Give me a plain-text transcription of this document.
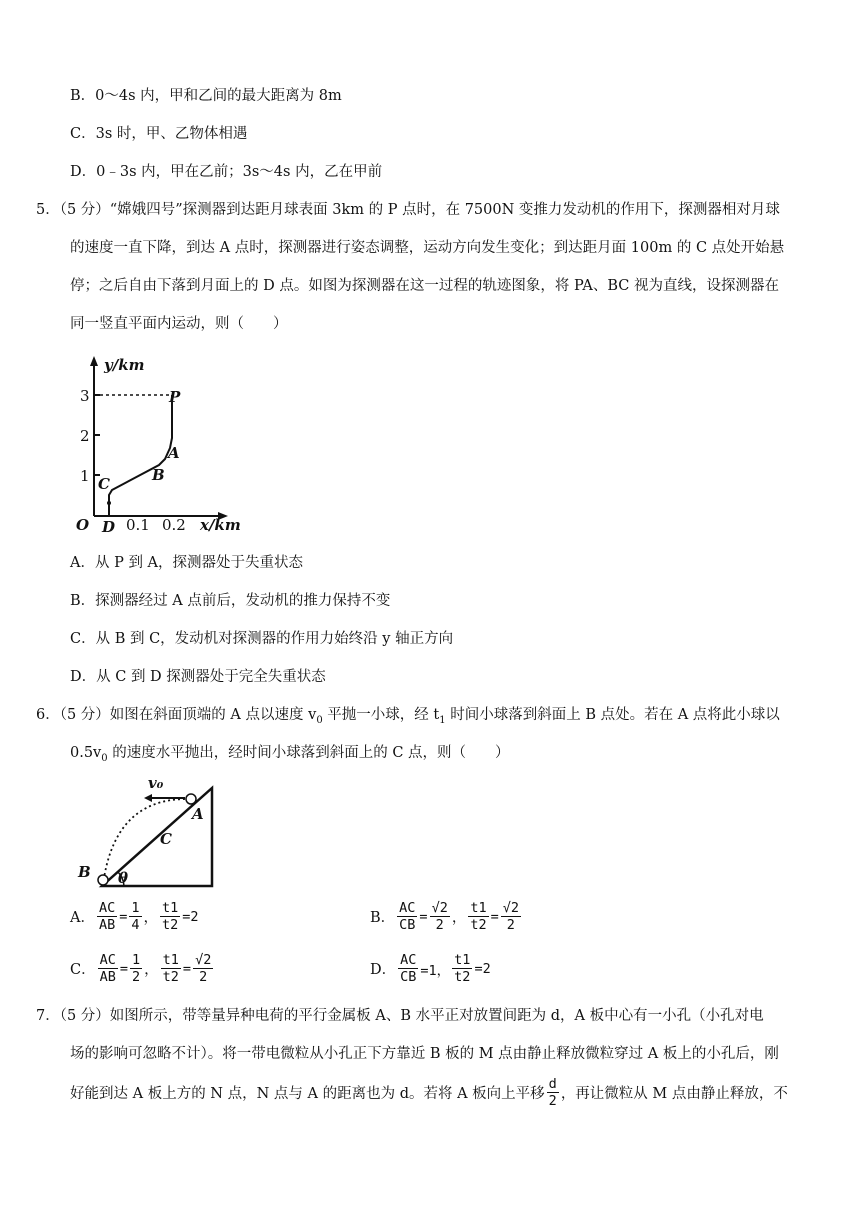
B．0～4s 内，甲和乙间的最大距离为 8m
C．3s 时，甲、乙物体相遇
D．0﹣3s 内，甲在乙前；3s～4s 内，乙在甲前
5．（5 分）“嫦娥四号”探测器到达距月球表面 3km 的 P 点时，在 7500N 变推力发动机的作用下，探测器相对月球
的速度一直下降，到达 A 点时，探测器进行姿态调整，运动方向发生变化；到达距月面 100m 的 C 点处开始悬
停；之后自由下落到月面上的 D 点。如图为探测器在这一过程的轨迹图象，将 PA、BC 视为直线，设探测器在
同一竖直平面内运动，则（　　）
y/km
x/km
3
2
1
O
P
A
B
C
D 0.1 0.2
A．从 P 到 A，探测器处于失重状态
B．探测器经过 A 点前后，发动机的推力保持不变
C．从 B 到 C，发动机对探测器的作用力始终沿 y 轴正方向
D．从 C 到 D 探测器处于完全失重状态
6．（5 分）如图在斜面顶端的 A 点以速度 $v_0$ 平抛一小球，经 $t_1$ 时间小球落到斜面上 B 点处。若在 A 点将此小球以
$0.5v_0$ 的速度水平抛出，经时间小球落到斜面上的 C 点，则（　　）
v₀
θ
A
B
C
A． $\frac{AC}{AB} = \frac{1}{4}$ ， $\frac{t1}{t2} =2$	B． $\frac{AC}{CB} = \frac{√2}{2}$ ， $\frac{t1}{t2} = \frac{√2}{2}$
C． $\frac{AC}{AB} = \frac{1}{2}$ ， $\frac{t1}{t2} = \frac{√2}{2}$	D． $\frac{AC}{CB} =1$， $\frac{t1}{t2} =2$
7．（5 分）如图所示，带等量异种电荷的平行金属板 A、B 水平正对放置间距为 d，A 板中心有一小孔（小孔对电
场的影响可忽略不计）。将一带电微粒从小孔正下方靠近 B 板的 M 点由静止释放微粒穿过 A 板上的小孔后，刚
好能到达 A 板上方的 N 点，N 点与 A 的距离也为 d。若将 A 板向上平移 $\frac{d}{2}$ ，再让微粒从 M 点由静止释放，不
